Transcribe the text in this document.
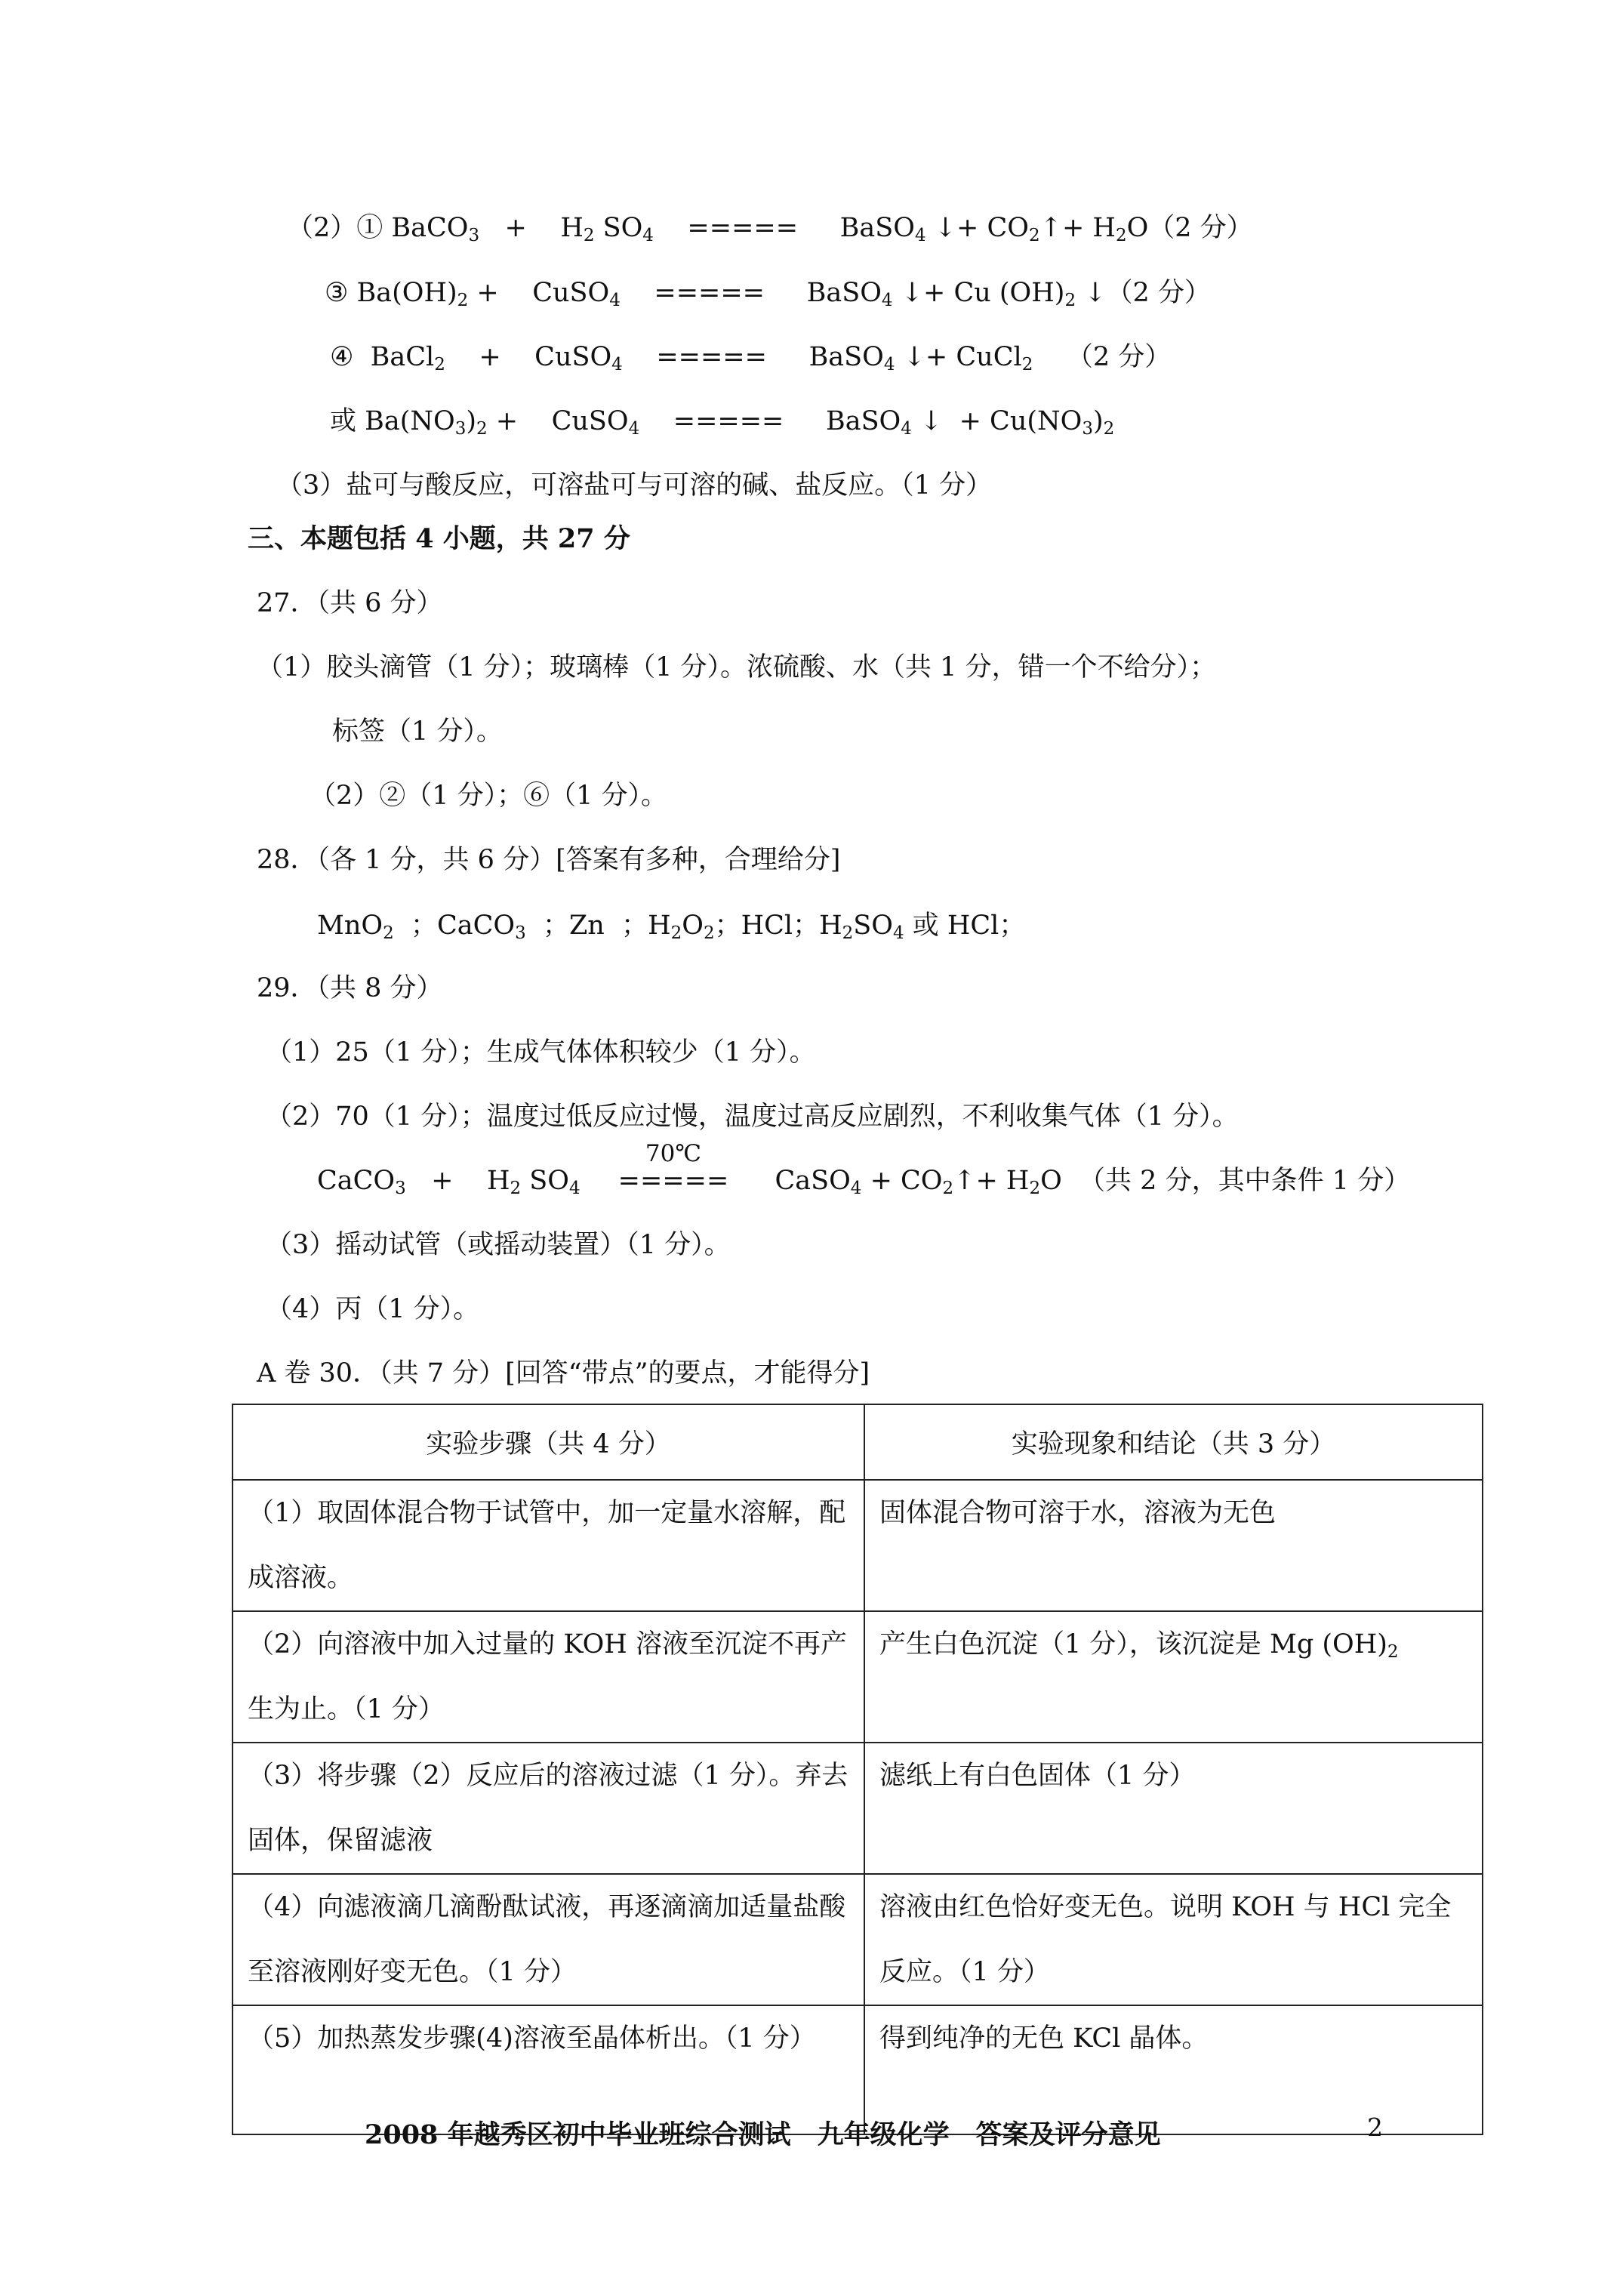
（2）① BaCO$_3$   +    $H_2$ $SO_4$    =====     BaSO$_4$ ↓+ $CO_2↑+ H_2O(2$ 分）
③ $Ba(OH)_2$ +    CuSO$_4$    =====     BaSO$_4$ ↓+ Cu $(OH)_2$ ↓（2 分）
④  BaCl$_2$    +    CuSO$_4$    =====     BaSO$_4$ ↓+ CuCl$_2$    （2 分）
或 $Ba(NO_3)_2$ +    CuSO$_4$    =====     BaSO$_4$ ↓  + $Cu(NO_3)_2$
（3）盐可与酸反应，可溶盐可与可溶的碱、盐反应。（1 分）
三、本题包括 4 小题，共 27 分
27．（共 6 分）
（1）胶头滴管（1 分）；玻璃棒（1 分）。浓硫酸、水（共 1 分，错一个不给分）；
标签（1 分）。
（2）②（1 分）；⑥（1 分）。
28．（各 1 分，共 6 分）[答案有多种，合理给分]
MnO$_2$  ；CaCO$_3$  ；Zn  ；$H_2O_2$；HCl；$H_2SO_4$ 或 HCl；
29．（共 8 分）
（1）25（1 分）；生成气体体积较少（1 分）。
（2）70（1 分）；温度过低反应过慢，温度过高反应剧烈，不利收集气体（1 分）。
CaCO$_3$   +    $H_2$ $SO_4$
70℃
=====    CaSO$_4$ + $CO_2↑+ H_2O$  （共 2 分，其中条件 1 分）
（3）摇动试管（或摇动装置）（1 分）。
（4）丙（1 分）。
A 卷 30．（共 7 分）[回答“带点”的要点，才能得分]
实验步骤（共 4 分）	实验现象和结论（共 3 分）
（1）取固体混合物于试管中，加一定量水溶解，配成溶液。	固体混合物可溶于水，溶液为无色
（2）向溶液中加入过量的 KOH 溶液至沉淀不再产生为止。（1 分）	产生白色沉淀（1 分），该沉淀是 Mg $(OH)_2$
（3）将步骤（2）反应后的溶液过滤（1 分）。弃去固体，保留滤液	滤纸上有白色固体（1 分）
（4）向滤液滴几滴酚酞试液，再逐滴滴加适量盐酸至溶液刚好变无色。（1 分）	溶液由红色恰好变无色。说明 KOH 与 HCl 完全反应。（1 分）
（5）加热蒸发步骤(4)溶液至晶体析出。（1 分）	得到纯净的无色 KCl 晶体。
2008 年越秀区初中毕业班综合测试　九年级化学　答案及评分意见	2
